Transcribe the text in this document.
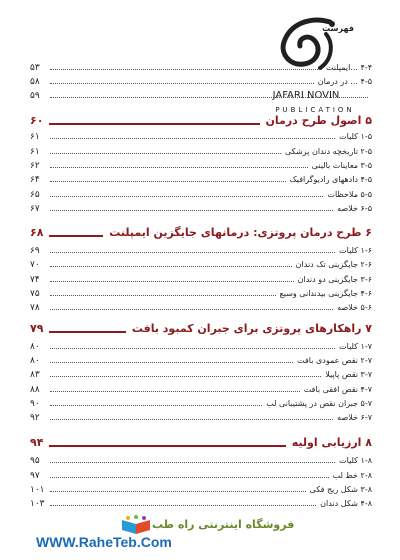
JAFARI NOVIN
PUBLICATION
فهرست
۴-۴ ...ایمپلنت
۵۳
۴-۵ ... در درمان
۵۸
۵۹
۵ اصول طرح درمان
۶۰
۱-۵ کلیات
۶۱
۲-۵ تاریخچه دندان پزشکی
۶۱
۳-۵ معاینات بالینی
۶۲
۴-۵ دادههای رادیوگرافیک
۶۴
۵-۵ ملاحظات
۶۵
۶-۵ خلاصه
۶۷
۶ طرح درمان پروتزی: درمانهای جایگزین ایمپلنت
۶۸
۱-۶ کلیات
۶۹
۲-۶ جایگزینی تک دندان
۷۰
۳-۶ جایگزینی دو دندان
۷۴
۴-۶ جایگزینی بیدندانی وسیع
۷۵
۵-۶ خلاصه
۷۸
۷ راهکارهای پروتزی برای جبران کمبود بافت
۷۹
۱-۷ کلیات
۸۰
۲-۷ نقص عمودی بافت
۸۰
۳-۷ نقص پاپیلا
۸۳
۴-۷ نقص افقی بافت
۸۸
۵-۷ جبران نقص در پشتیبانی لب
۹۰
۶-۷ خلاصه
۹۲
۸ ارزیابی اولیه
۹۴
۱-۸ کلیات
۹۵
۲-۸ خط لب
۹۷
۳-۸ شکل ریج فکی
۱۰۱
۴-۸ شکل دندان
۱۰۳
فروشگاه اینترنتی راه طب
WWW.RaheTeb.Com
